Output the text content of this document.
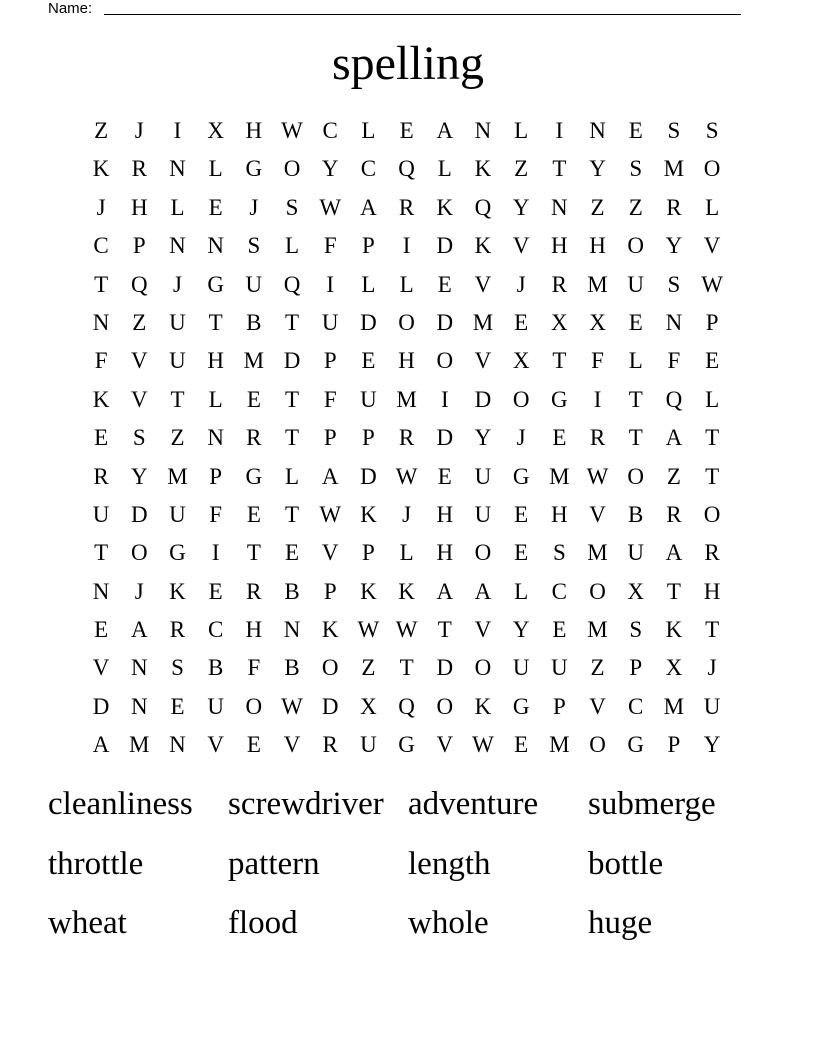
Name:
spelling
Z	J	I	X H W C	L	E A N L	I	N E	S	S
K R N L G O Y C Q L K Z	T Y	S M O
J	H L	E	J	S W A R K Q Y N Z	Z	R	L
C	P	N N	S	L	F	P	I	D K V H H O Y V
T Q	J	G U Q	I	L	L	E V	J	R M U	S W
N Z U T	B	T U D O D M E X X E N	P
F	V U H M D	P	E H O V X T	F	L	F	E
K V T	L	E	T	F	U M	I	D O G	I	T Q L
E	S	Z N R	T	P	P	R D Y	J	E	R	T A T
R Y M P	G L A D W E U G M W O Z	T
U D U	F	E	T W K	J	H U E H V B R O
T O G	I	T	E V	P	L H O E	S M U A R
N	J	K E	R B	P	K K A A L	C O X T H
E A R C H N K W W T V Y E M S	K T
V N	S	B	F	B O Z	T D O U U Z	P	X	J
D N E U O W D X Q O K G	P	V C M U
A M N V E V R U G V W E M O G	P	Y
cleanliness	screwdriver adventure	submerge
throttle	pattern	length	bottle
wheat	flood	whole	huge
